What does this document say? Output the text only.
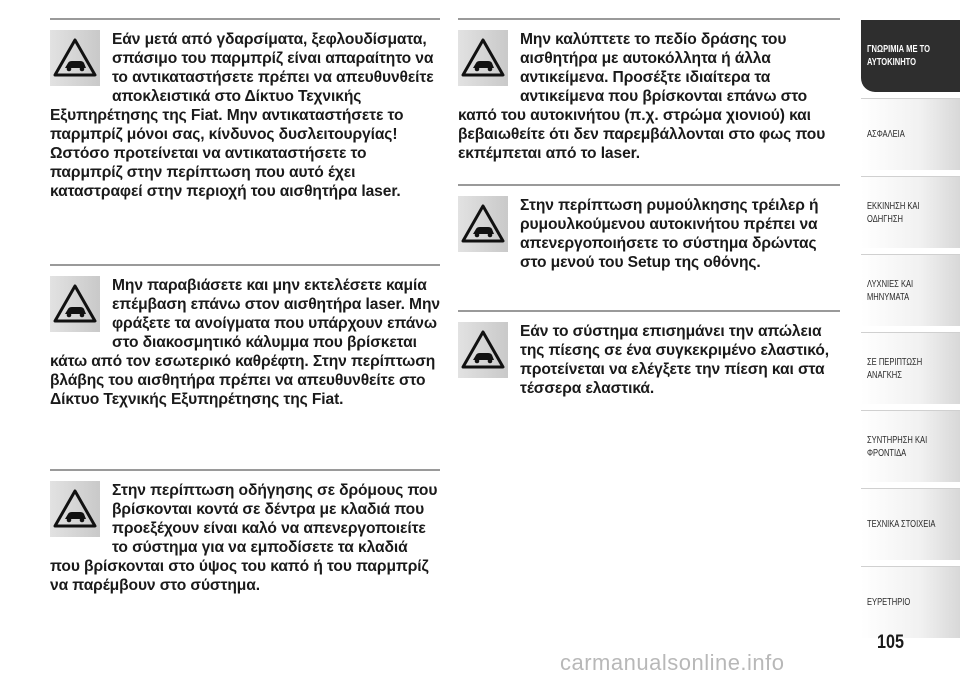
Εάν μετά από γδαρσίματα, ξεφλουδίσματα, σπάσιμο του παρμπρίζ είναι απαραίτητο να το αντικαταστήσετε πρέπει να απευθυνθείτε αποκλειστικά στο Δίκτυο Τεχνικής Εξυπηρέτησης της Fiat. Μην αντικαταστήσετε το παρμπρίζ μόνοι σας, κίνδυνος δυσλειτουργίας! Ωστόσο προτείνεται να αντικαταστήσετε το παρμπρίζ στην περίπτωση που αυτό έχει καταστραφεί στην περιοχή του αισθητήρα laser.

Μην παραβιάσετε και μην εκτελέσετε καμία επέμβαση επάνω στον αισθητήρα laser. Μην φράξετε τα ανοίγματα που υπάρχουν επάνω στο διακοσμητικό κάλυμμα που βρίσκεται κάτω από τον εσωτερικό καθρέφτη. Στην περίπτωση βλάβης του αισθητήρα πρέπει να απευθυνθείτε στο Δίκτυο Τεχνικής Εξυπηρέτησης της Fiat.

Στην περίπτωση οδήγησης σε δρόμους που βρίσκονται κοντά σε δέντρα με κλαδιά που προεξέχουν είναι καλό να απενεργοποιείτε το σύστημα για να εμποδίσετε τα κλαδιά που βρίσκονται στο ύψος του καπό ή του παρμπρίζ να παρέμβουν στο σύστημα.

Μην καλύπτετε το πεδίο δράσης του αισθητήρα με αυτοκόλλητα ή άλλα αντικείμενα. Προσέξτε ιδιαίτερα τα αντικείμενα που βρίσκονται επάνω στο καπό του αυτοκινήτου (π.χ. στρώμα χιονιού) και βεβαιωθείτε ότι δεν παρεμβάλλονται στο φως που εκπέμπεται από το laser.

Στην περίπτωση ρυμούλκησης τρέιλερ ή ρυμουλκούμενου αυτοκινήτου πρέπει να απενεργοποιήσετε το σύστημα δρώντας στο μενού του Setup της οθόνης.

Εάν το σύστημα επισημάνει την απώλεια της πίεσης σε ένα συγκεκριμένο ελαστικό, προτείνεται να ελέγξετε την πίεση και στα τέσσερα ελαστικά.

ΓΝΩΡΙΜΙΑ ΜΕ ΤΟ
ΑΥΤΟΚΙΝΗΤΟ
ΑΣΦΑΛΕΙΑ
ΕΚΚΙΝΗΣΗ ΚΑΙ
ΟΔΗΓΗΣΗ
ΛΥΧΝΙΕΣ ΚΑΙ
ΜΗΝΥΜΑΤΑ
ΣΕ ΠΕΡΙΠΤΩΣΗ
ΑΝΑΓΚΗΣ
ΣΥΝΤΗΡΗΣΗ ΚΑΙ
ΦΡΟΝΤΙΔΑ
ΤΕΧΝΙΚΑ ΣΤΟΙΧΕΙΑ
ΕΥΡΕΤΗΡΙΟ
105
carmanualsonline.info
